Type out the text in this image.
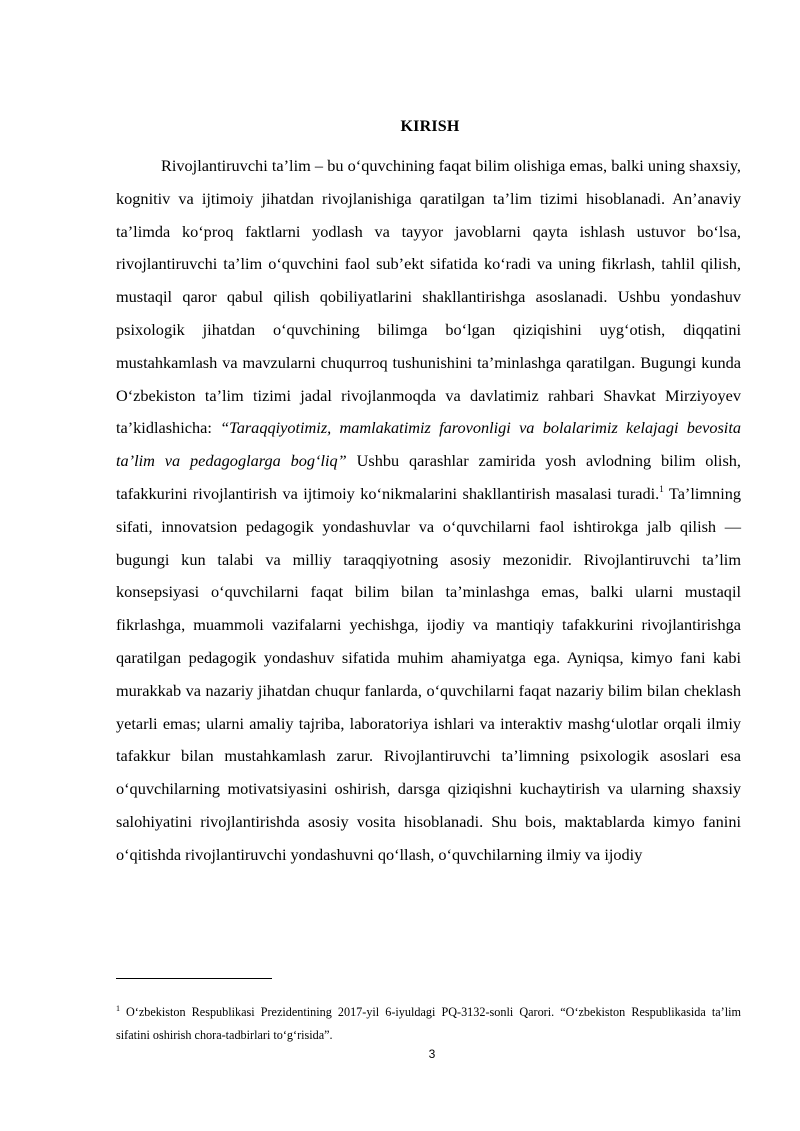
KIRISH

Rivojlantiruvchi ta’lim – bu o‘quvchining faqat bilim olishiga emas, balki uning shaxsiy, kognitiv va ijtimoiy jihatdan rivojlanishiga qaratilgan ta’lim tizimi hisoblanadi. An’anaviy ta’limda ko‘proq faktlarni yodlash va tayyor javoblarni qayta ishlash ustuvor bo‘lsa, rivojlantiruvchi ta’lim o‘quvchini faol sub’ekt sifatida ko‘radi va uning fikrlash, tahlil qilish, mustaqil qaror qabul qilish qobiliyatlarini shakllantirishga asoslanadi. Ushbu yondashuv psixologik jihatdan o‘quvchining bilimga bo‘lgan qiziqishini uyg‘otish, diqqatini mustahkamlash va mavzularni chuqurroq tushunishini ta’minlashga qaratilgan. Bugungi kunda O‘zbekiston ta’lim tizimi jadal rivojlanmoqda va davlatimiz rahbari Shavkat Mirziyoyev ta’kidlashicha: “Taraqqiyotimiz, mamlakatimiz farovonligi va bolalarimiz kelajagi bevosita ta’lim va pedagoglarga bog‘liq” Ushbu qarashlar zamirida yosh avlodning bilim olish, tafakkurini rivojlantirish va ijtimoiy ko‘nikmalarini shakllantirish masalasi turadi.$^1$ Ta’limning sifati, innovatsion pedagogik yondashuvlar va o‘quvchilarni faol ishtirokga jalb qilish — bugungi kun talabi va milliy taraqqiyotning asosiy mezonidir. Rivojlantiruvchi ta’lim konsepsiyasi o‘quvchilarni faqat bilim bilan ta’minlashga emas, balki ularni mustaqil fikrlashga, muammoli vazifalarni yechishga, ijodiy va mantiqiy tafakkurini rivojlantirishga qaratilgan pedagogik yondashuv sifatida muhim ahamiyatga ega. Ayniqsa, kimyo fani kabi murakkab va nazariy jihatdan chuqur fanlarda, o‘quvchilarni faqat nazariy bilim bilan cheklash yetarli emas; ularni amaliy tajriba, laboratoriya ishlari va interaktiv mashg‘ulotlar orqali ilmiy tafakkur bilan mustahkamlash zarur. Rivojlantiruvchi ta’limning psixologik asoslari esa o‘quvchilarning motivatsiyasini oshirish, darsga qiziqishni kuchaytirish va ularning shaxsiy salohiyatini rivojlantirishda asosiy vosita hisoblanadi. Shu bois, maktablarda kimyo fanini o‘qitishda rivojlantiruvchi yondashuvni qo‘llash, o‘quvchilarning ilmiy va ijodiy

$^1$ O‘zbekiston Respublikasi Prezidentining 2017-yil 6-iyuldagi PQ-3132-sonli Qarori. “O‘zbekiston Respublikasida ta’lim sifatini oshirish chora-tadbirlari to‘g‘risida”.

3
